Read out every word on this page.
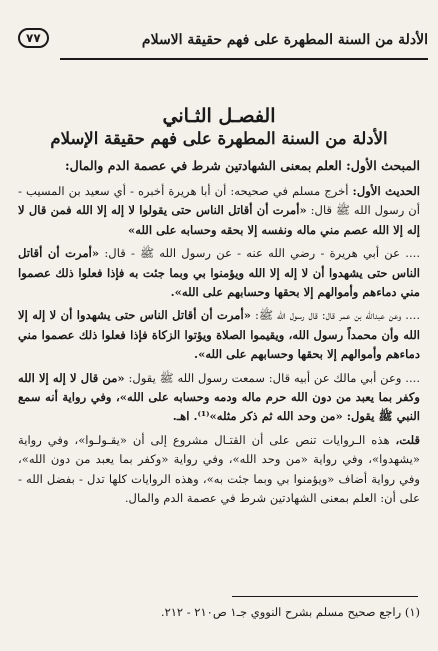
الأدلة من السنة المطهرة على فهم حقيقة الاسلام
٧٧

الفصـل الثـاني

الأدلة من السنة المطهرة على فهم حقيقة الإسلام

المبحث الأول: العلم بمعنى الشهادتين شرط في عصمة الدم والمال:

الحديث الأول: أخرج مسلم في صحيحه: أن أبا هريرة أخبره - أي سعيد بن المسيب - أن رسول الله ﷺ قال: «أمرت أن أقاتل الناس حتى يقولوا لا إله إلا الله فمن قال لا إله إلا الله عصم مني ماله ونفسه إلا بحقه وحسابه على الله»

.... عن أبي هريرة - رضي الله عنه - عن رسول الله ﷺ - قال: «أمرت أن أقاتل الناس حتى يشهدوا أن لا إله إلا الله ويؤمنوا بي وبما جئت به فإذا فعلوا ذلك عصموا مني دماءهم وأموالهم إلا بحقها وحسابهم على الله».

.... وعن عبدالله بن عمر قال: قال رسول الله ﷺ: «أمرت أن أقاتل الناس حتى يشهدوا أن لا إله إلا الله وأن محمداً رسول الله، ويقيموا الصلاة ويؤتوا الزكاة فإذا فعلوا ذلك عصموا مني دماءهم وأموالهم إلا بحقها وحسابهم على الله».

.... وعن أبي مالك عن أبيه قال: سمعت رسول الله ﷺ يقول: «من قال لا إله إلا الله وكفر بما يعبد من دون الله حرم ماله ودمه وحسابه على الله»، وفي رواية أنه سمع النبي ﷺ يقول: «من وحد الله ثم ذكر مثله»⁽¹⁾. اهـ.

قلت، هذه الـروايات تنص على أن القتـال مشروع إلى أن «يقـولـوا»، وفي رواية «يشهدوا»، وفي رواية «من وحد الله»، وفي رواية «وكفر بما يعبد من دون الله»، وفي رواية أضاف «ويؤمنوا بي وبما جئت به»، وهذه الروايات كلها تدل - بفضل الله - على أن: العلم بمعنى الشهادتين شرط في عصمة الدم والمال.

(١) راجع صحيح مسلم بشرح النووي جـ١ ص٢١٠ - ٢١٢.
